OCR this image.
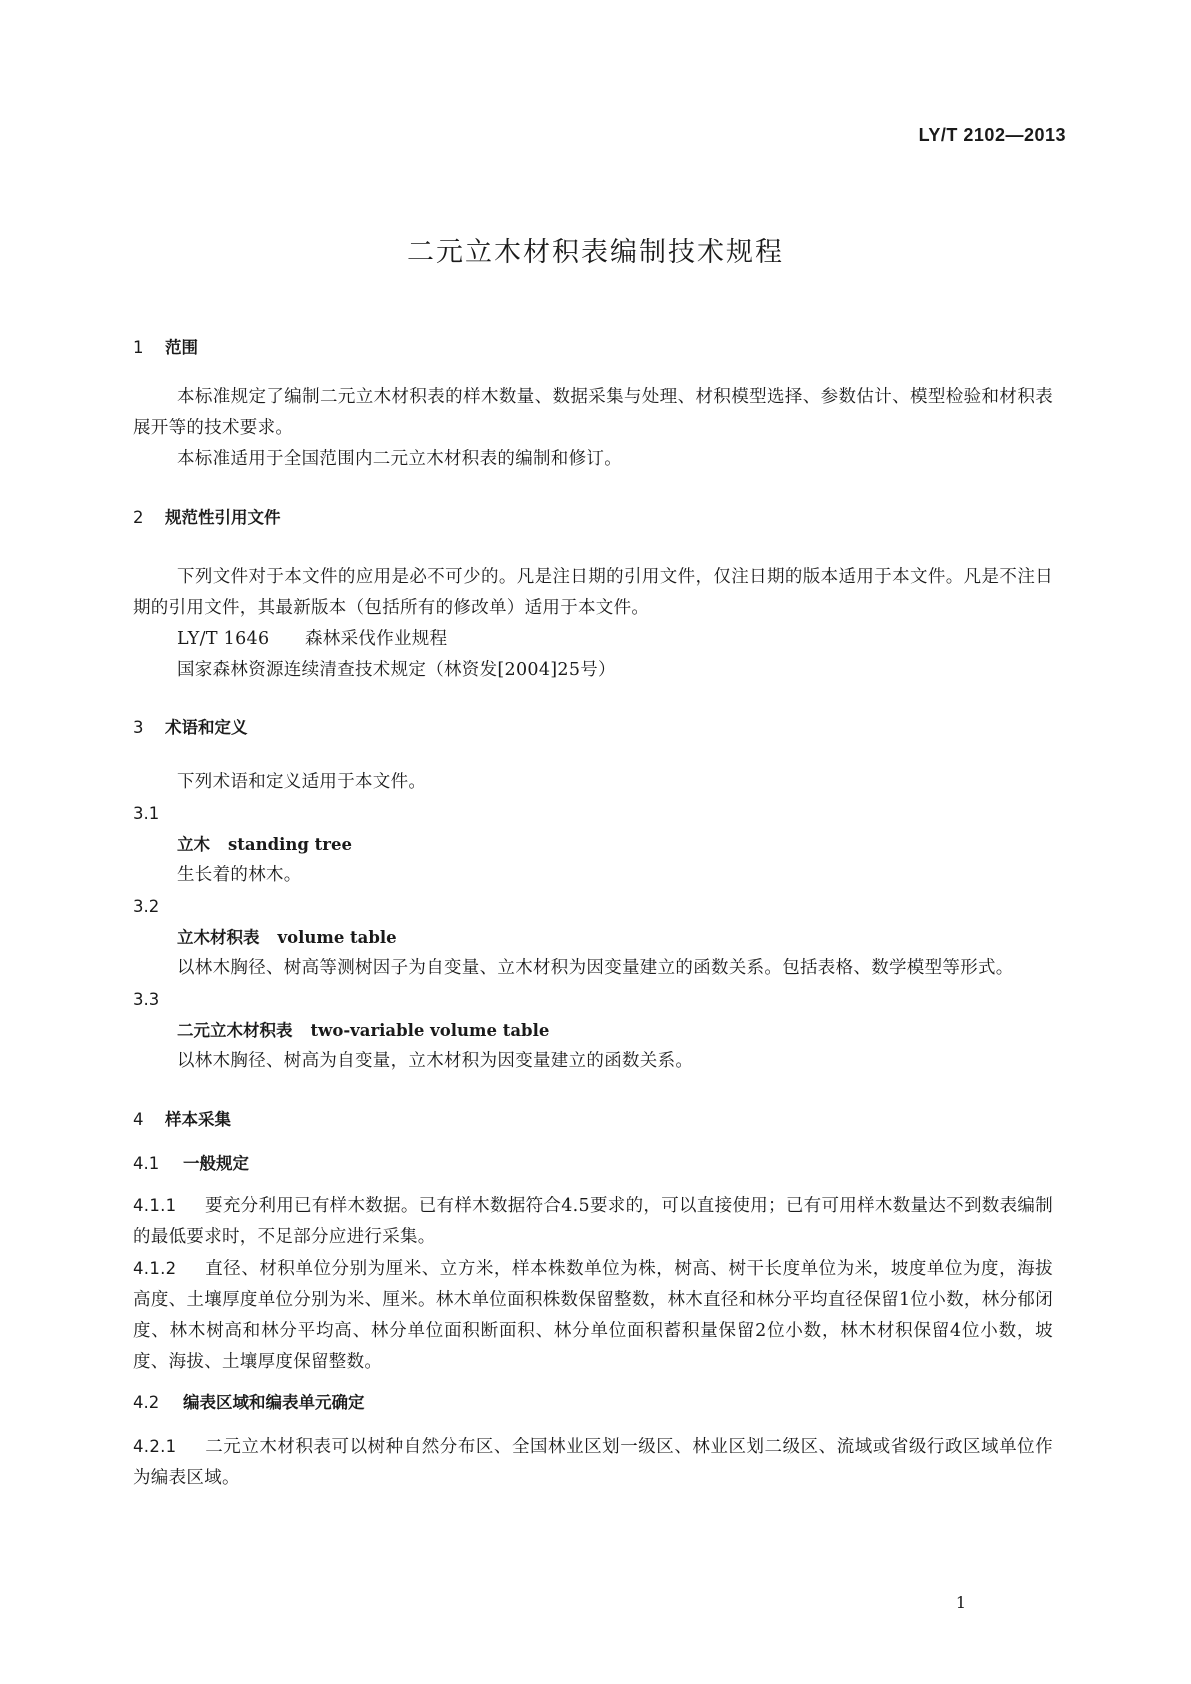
LY/T 2102—2013
二元立木材积表编制技术规程
1 范围
本标准规定了编制二元立木材积表的样木数量、数据采集与处理、材积模型选择、参数估计、模型检验和材积表展开等的技术要求。
本标准适用于全国范围内二元立木材积表的编制和修订。
2 规范性引用文件
下列文件对于本文件的应用是必不可少的。凡是注日期的引用文件，仅注日期的版本适用于本文件。凡是不注日期的引用文件，其最新版本（包括所有的修改单）适用于本文件。
LY/T 1646 森林采伐作业规程
国家森林资源连续清查技术规定（林资发[2004]25号）
3 术语和定义
下列术语和定义适用于本文件。
3.1
立木 standing tree
生长着的林木。
3.2
立木材积表 volume table
以林木胸径、树高等测树因子为自变量、立木材积为因变量建立的函数关系。包括表格、数学模型等形式。
3.3
二元立木材积表 two-variable volume table
以林木胸径、树高为自变量，立木材积为因变量建立的函数关系。
4 样本采集
4.1 一般规定
4.1.1 要充分利用已有样木数据。已有样木数据符合4.5要求的，可以直接使用；已有可用样木数量达不到数表编制的最低要求时，不足部分应进行采集。
4.1.2 直径、材积单位分别为厘米、立方米，样本株数单位为株，树高、树干长度单位为米，坡度单位为度，海拔高度、土壤厚度单位分别为米、厘米。林木单位面积株数保留整数，林木直径和林分平均直径保留1位小数，林分郁闭度、林木树高和林分平均高、林分单位面积断面积、林分单位面积蓄积量保留2位小数，林木材积保留4位小数，坡度、海拔、土壤厚度保留整数。
4.2 编表区域和编表单元确定
4.2.1 二元立木材积表可以树种自然分布区、全国林业区划一级区、林业区划二级区、流域或省级行政区域单位作为编表区域。
1
